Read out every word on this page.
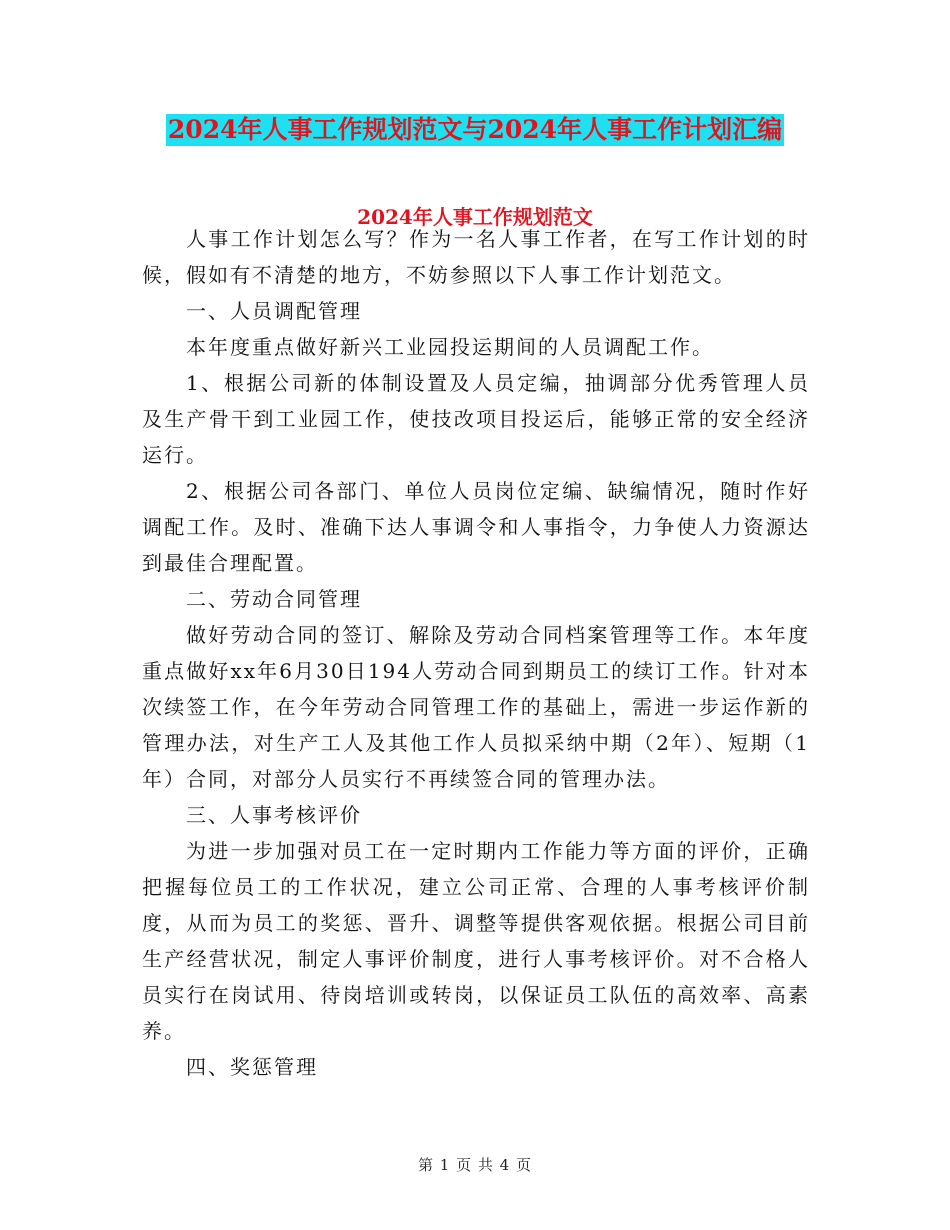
2024年人事工作规划范文与2024年人事工作计划汇编
2024年人事工作规划范文

人事工作计划怎么写？作为一名人事工作者，在写工作计划的时候，假如有不清楚的地方，不妨参照以下人事工作计划范文。

一、人员调配管理

本年度重点做好新兴工业园投运期间的人员调配工作。

1、根据公司新的体制设置及人员定编，抽调部分优秀管理人员及生产骨干到工业园工作，使技改项目投运后，能够正常的安全经济运行。

2、根据公司各部门、单位人员岗位定编、缺编情况，随时作好调配工作。及时、准确下达人事调令和人事指令，力争使人力资源达到最佳合理配置。

二、劳动合同管理

做好劳动合同的签订、解除及劳动合同档案管理等工作。本年度重点做好xx年6月30日194人劳动合同到期员工的续订工作。针对本次续签工作，在今年劳动合同管理工作的基础上，需进一步运作新的管理办法，对生产工人及其他工作人员拟采纳中期（2年）、短期（1年）合同，对部分人员实行不再续签合同的管理办法。

三、人事考核评价

为进一步加强对员工在一定时期内工作能力等方面的评价，正确把握每位员工的工作状况，建立公司正常、合理的人事考核评价制度，从而为员工的奖惩、晋升、调整等提供客观依据。根据公司目前生产经营状况，制定人事评价制度，进行人事考核评价。对不合格人员实行在岗试用、待岗培训或转岗，以保证员工队伍的高效率、高素养。

四、奖惩管理

第 1 页 共 4 页
